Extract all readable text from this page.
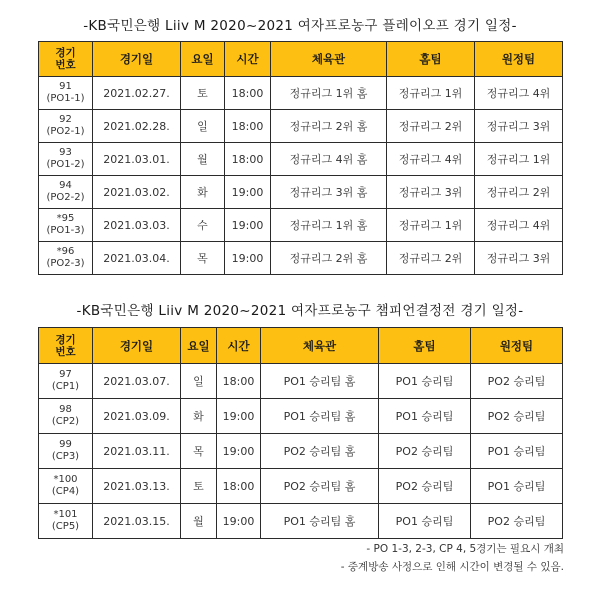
-KB국민은행 Liiv M 2020~2021 여자프로농구 플레이오프 경기 일정-
경기
번호	경기일	요일	시간	체육관	홈팀	원정팀
91
(PO1-1)	2021.02.27.	토	18:00	정규리그 1위 홈	정규리그 1위	정규리그 4위
92
(PO2-1)	2021.02.28.	일	18:00	정규리그 2위 홈	정규리그 2위	정규리그 3위
93
(PO1-2)	2021.03.01.	월	18:00	정규리그 4위 홈	정규리그 4위	정규리그 1위
94
(PO2-2)	2021.03.02.	화	19:00	정규리그 3위 홈	정규리그 3위	정규리그 2위
*95
(PO1-3)	2021.03.03.	수	19:00	정규리그 1위 홈	정규리그 1위	정규리그 4위
*96
(PO2-3)	2021.03.04.	목	19:00	정규리그 2위 홈	정규리그 2위	정규리그 3위
-KB국민은행 Liiv M 2020~2021 여자프로농구 챔피언결정전 경기 일정-
경기
번호	경기일	요일	시간	체육관	홈팀	원정팀
97
(CP1)	2021.03.07.	일	18:00	PO1 승리팀 홈	PO1 승리팀	PO2 승리팀
98
(CP2)	2021.03.09.	화	19:00	PO1 승리팀 홈	PO1 승리팀	PO2 승리팀
99
(CP3)	2021.03.11.	목	19:00	PO2 승리팀 홈	PO2 승리팀	PO1 승리팀
*100
(CP4)	2021.03.13.	토	18:00	PO2 승리팀 홈	PO2 승리팀	PO1 승리팀
*101
(CP5)	2021.03.15.	월	19:00	PO1 승리팀 홈	PO1 승리팀	PO2 승리팀
- PO 1-3, 2-3, CP 4, 5경기는 필요시 개최
- 중계방송 사정으로 인해 시간이 변경될 수 있음.
